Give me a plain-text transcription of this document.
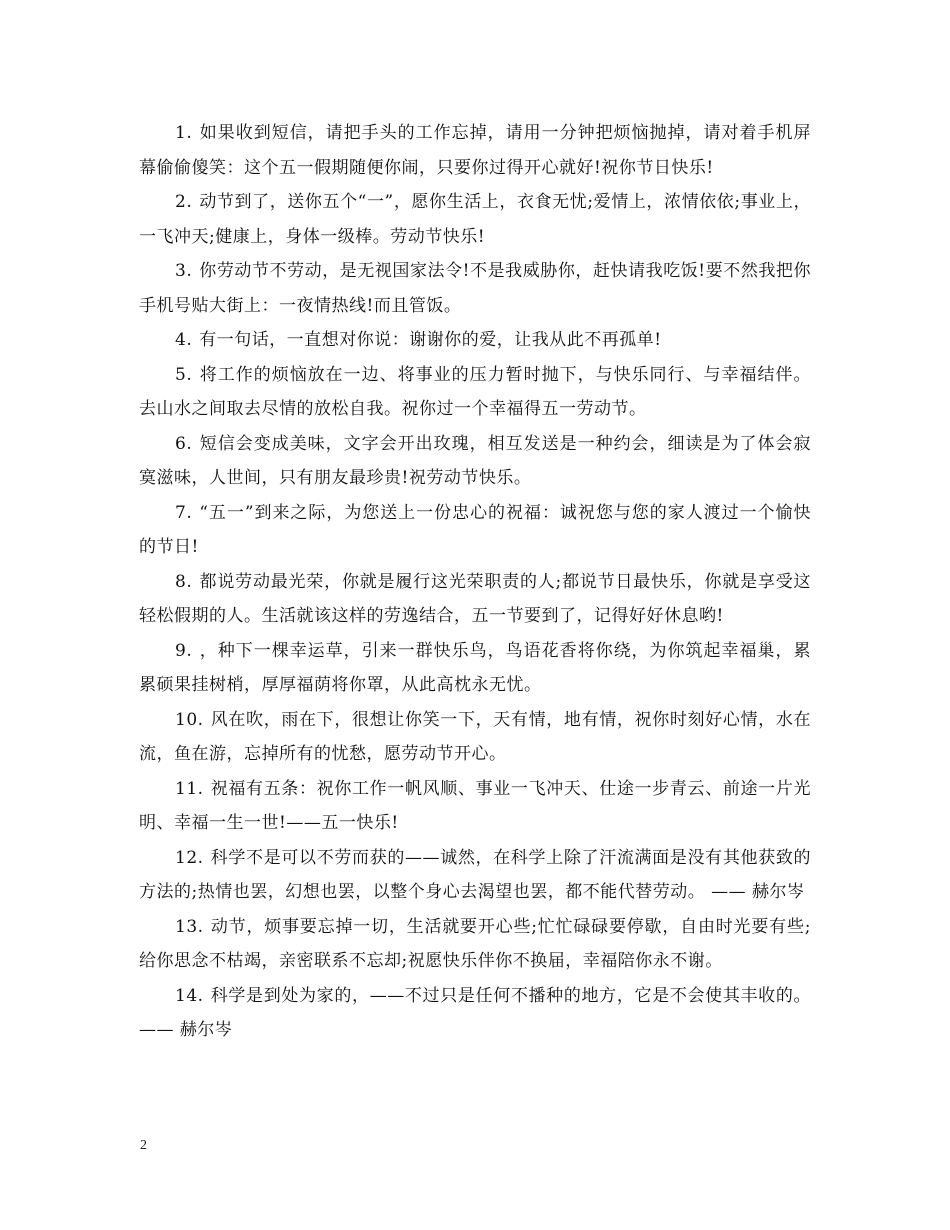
1. 如果收到短信，请把手头的工作忘掉，请用一分钟把烦恼抛掉，请对着手机屏幕偷偷傻笑：这个五一假期随便你闹，只要你过得开心就好!祝你节日快乐!

2. 动节到了，送你五个“一”，愿你生活上，衣食无忧;爱情上，浓情依依;事业上，一飞冲天;健康上，身体一级棒。劳动节快乐!

3. 你劳动节不劳动，是无视国家法令!不是我威胁你，赶快请我吃饭!要不然我把你手机号贴大街上：一夜情热线!而且管饭。

4. 有一句话，一直想对你说：谢谢你的爱，让我从此不再孤单!

5. 将工作的烦恼放在一边、将事业的压力暂时抛下，与快乐同行、与幸福结伴。去山水之间取去尽情的放松自我。祝你过一个幸福得五一劳动节。

6. 短信会变成美味，文字会开出玫瑰，相互发送是一种约会，细读是为了体会寂寞滋味，人世间，只有朋友最珍贵!祝劳动节快乐。

7. “五一”到来之际，为您送上一份忠心的祝福：诚祝您与您的家人渡过一个愉快的节日!

8. 都说劳动最光荣，你就是履行这光荣职责的人;都说节日最快乐，你就是享受这轻松假期的人。生活就该这样的劳逸结合，五一节要到了，记得好好休息哟!

9. ，种下一棵幸运草，引来一群快乐鸟，鸟语花香将你绕，为你筑起幸福巢，累累硕果挂树梢，厚厚福荫将你罩，从此高枕永无忧。

10. 风在吹，雨在下，很想让你笑一下，天有情，地有情，祝你时刻好心情，水在流，鱼在游，忘掉所有的忧愁，愿劳动节开心。

11. 祝福有五条：祝你工作一帆风顺、事业一飞冲天、仕途一步青云、前途一片光明、幸福一生一世!——五一快乐!

12. 科学不是可以不劳而获的——诚然，在科学上除了汗流满面是没有其他获致的方法的;热情也罢，幻想也罢，以整个身心去渴望也罢，都不能代替劳动。 —— 赫尔岑

13. 动节，烦事要忘掉一切，生活就要开心些;忙忙碌碌要停歇，自由时光要有些;给你思念不枯竭，亲密联系不忘却;祝愿快乐伴你不换届，幸福陪你永不谢。

14. 科学是到处为家的，——不过只是任何不播种的地方，它是不会使其丰收的。 —— 赫尔岑

2
